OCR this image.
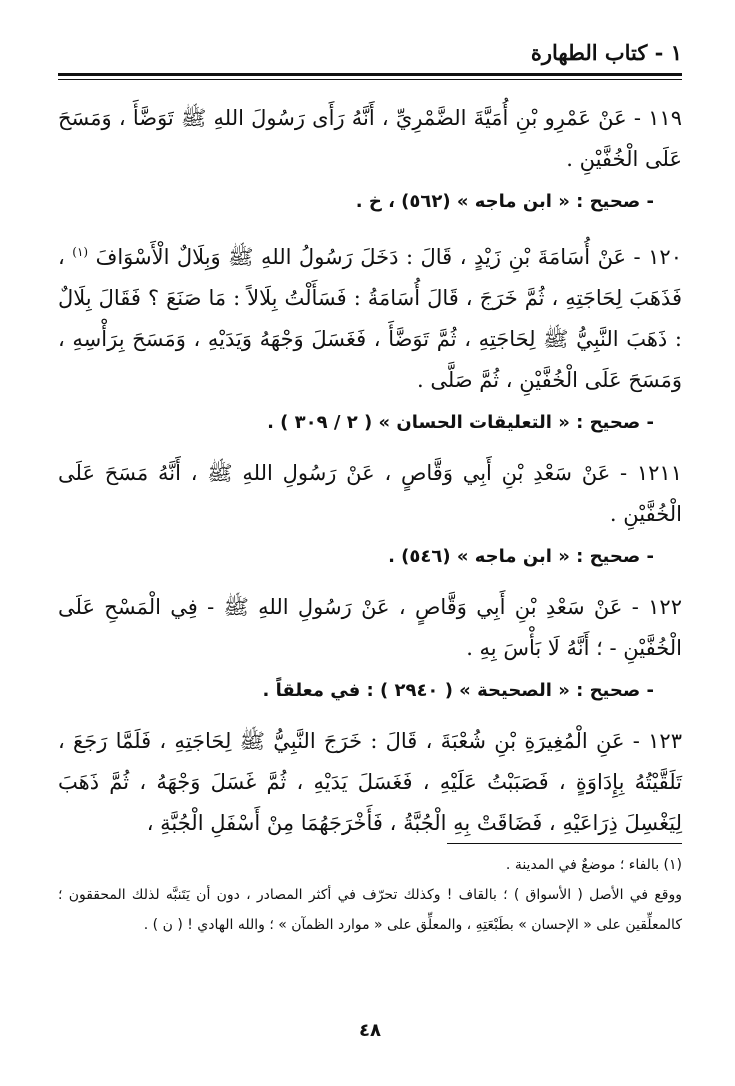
١ - كتاب الطهارة

١١٩ - عَنْ عَمْرِو بْنِ أُمَيَّةَ الضَّمْرِيِّ ، أَنَّهُ رَأَى رَسُولَ اللهِ ﷺ تَوَضَّأَ ، وَمَسَحَ عَلَى الْخُفَّيْنِ .

- صحيح : « ابن ماجه » (٥٦٢) ، خ .

١٢٠ - عَنْ أُسَامَةَ بْنِ زَيْدٍ ، قَالَ : دَخَلَ رَسُولُ اللهِ ﷺ وَبِلَالٌ الْأَسْوَافَ $^{(١)}$ ، فَذَهَبَ لِحَاجَتِهِ ، ثُمَّ خَرَجَ ، قَالَ أُسَامَةُ : فَسَأَلْتُ بِلَالاً : مَا صَنَعَ ؟ فَقَالَ بِلَالٌ : ذَهَبَ النَّبِيُّ ﷺ لِحَاجَتِهِ ، ثُمَّ تَوَضَّأَ ، فَغَسَلَ وَجْهَهُ وَيَدَيْهِ ، وَمَسَحَ بِرَأْسِهِ ، وَمَسَحَ عَلَى الْخُفَّيْنِ ، ثُمَّ صَلَّى .

- صحيح : « التعليقات الحسان » ( ٢ / ٣٠٩ ) .

١٢١١ - عَنْ سَعْدِ بْنِ أَبِي وَقَّاصٍ ، عَنْ رَسُولِ اللهِ ﷺ ، أَنَّهُ مَسَحَ عَلَى الْخُفَّيْنِ .

- صحيح : « ابن ماجه » (٥٤٦) .

١٢٢ - عَنْ سَعْدِ بْنِ أَبِي وَقَّاصٍ ، عَنْ رَسُولِ اللهِ ﷺ - فِي الْمَسْحِ عَلَى الْخُفَّيْنِ - ؛ أَنَّهُ لَا بَأْسَ بِهِ .

- صحيح : « الصحيحة » ( ٢٩٤٠ ) : في معلقاً .

١٢٣ - عَنِ الْمُغِيرَةِ بْنِ شُعْبَةَ ، قَالَ : خَرَجَ النَّبِيُّ ﷺ لِحَاجَتِهِ ، فَلَمَّا رَجَعَ ، تَلَقَّيْتُهُ بِإِدَاوَةٍ ، فَصَبَبْتُ عَلَيْهِ ، فَغَسَلَ يَدَيْهِ ، ثُمَّ غَسَلَ وَجْهَهُ ، ثُمَّ ذَهَبَ لِيَغْسِلَ ذِرَاعَيْهِ ، فَضَاقَتْ بِهِ الْجُبَّةُ ، فَأَخْرَجَهُمَا مِنْ أَسْفَلِ الْجُبَّةِ ،

(١) بالفاء ؛ موضعٌ في المدينة .

ووقع في الأصل ( الأسواق ) ؛ بالقاف ! وكذلك تحرّف في أكثر المصادر ، دون أن يَتَنبَّه لذلك المحققون ؛ كالمعلِّقين على « الإحسان » بطَبْعَتِهِ ، والمعلِّق على « موارد الظمآن » ؛ والله الهادي ! ( ن ) .

٤٨
